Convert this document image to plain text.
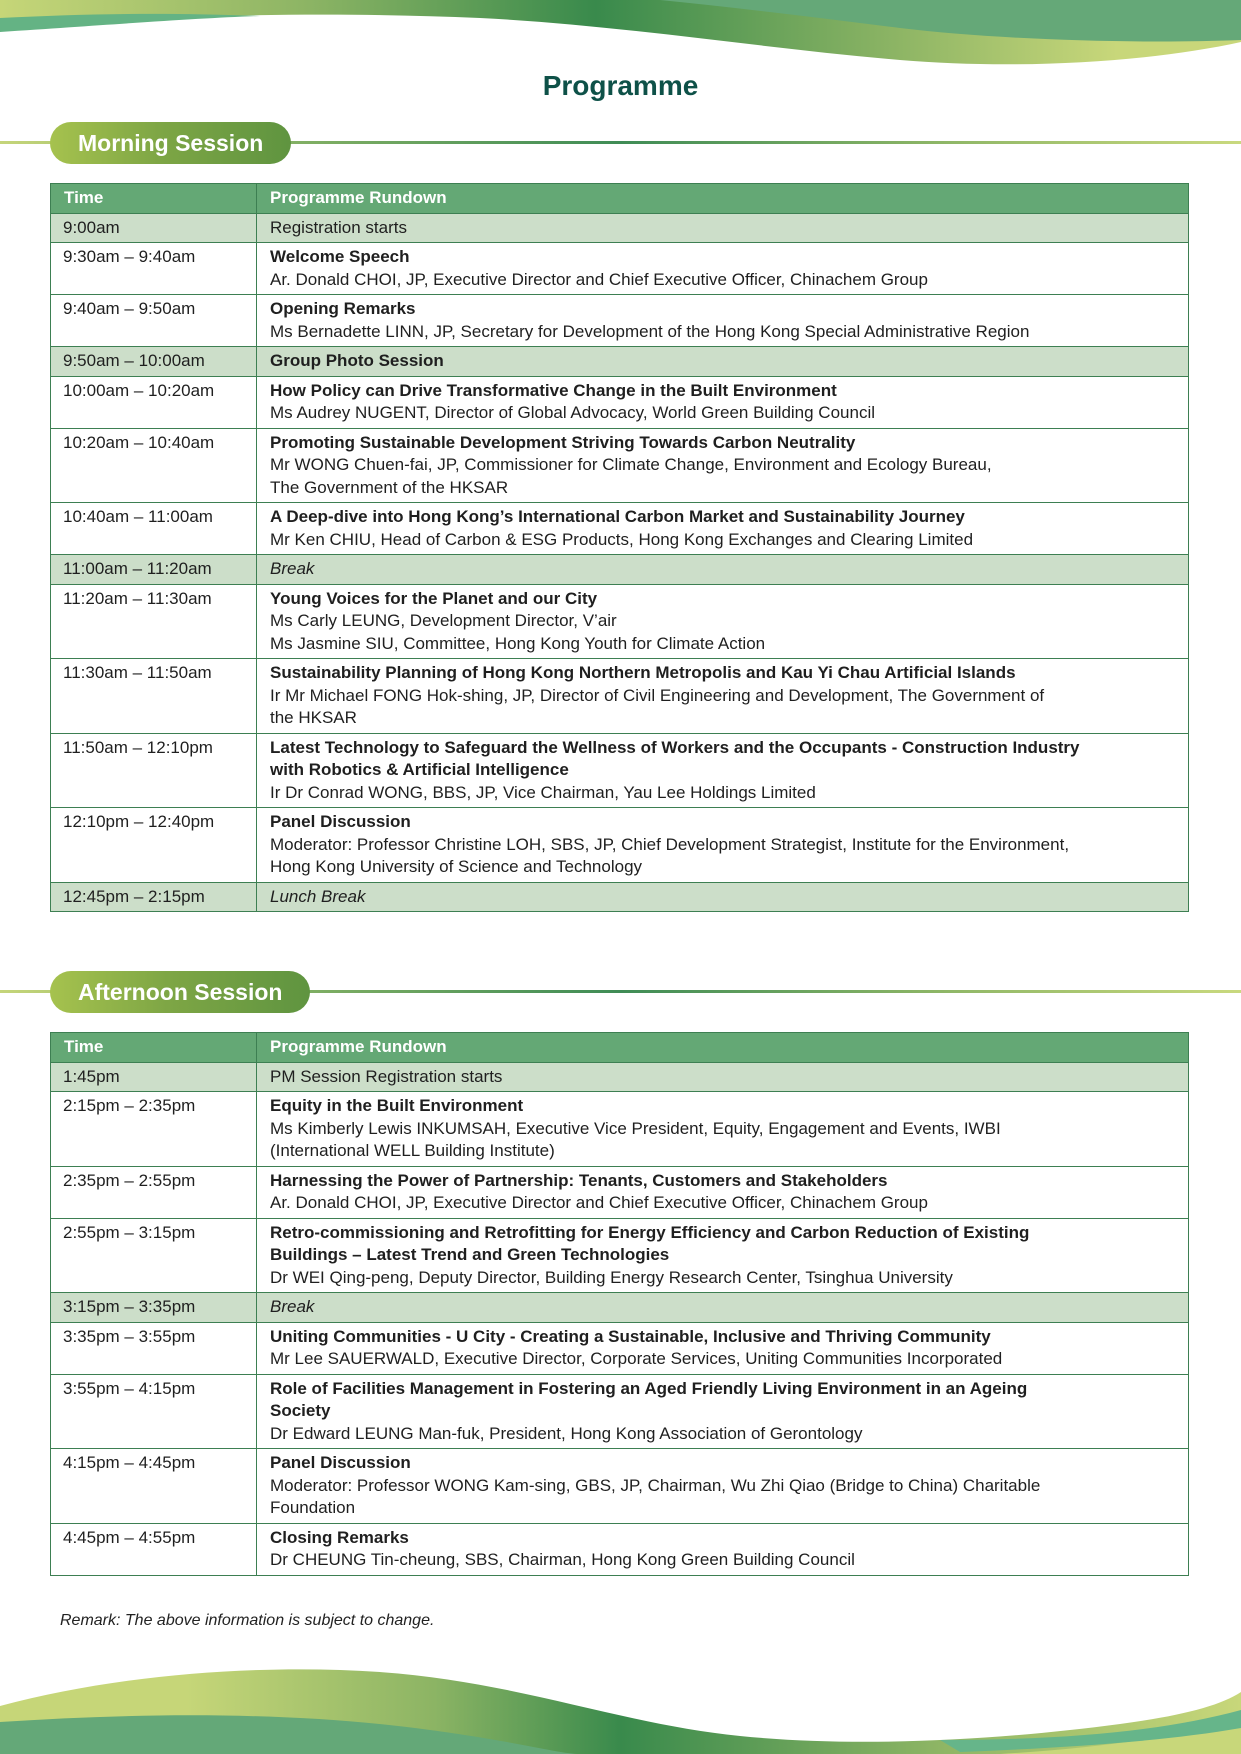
Programme
Morning Session
Time	Programme Rundown
9:00am	Registration starts

9:30am – 9:40am	Welcome Speech
Ar. Donald CHOI, JP, Executive Director and Chief Executive Officer, Chinachem Group

9:40am – 9:50am	Opening Remarks
Ms Bernadette LINN, JP, Secretary for Development of the Hong Kong Special Administrative Region

9:50am – 10:00am	Group Photo Session

10:00am – 10:20am	How Policy can Drive Transformative Change in the Built Environment
Ms Audrey NUGENT, Director of Global Advocacy, World Green Building Council

10:20am – 10:40am	Promoting Sustainable Development Striving Towards Carbon Neutrality
Mr WONG Chuen-fai, JP, Commissioner for Climate Change, Environment and Ecology Bureau,
The Government of the HKSAR

10:40am – 11:00am	A Deep-dive into Hong Kong’s International Carbon Market and Sustainability Journey
Mr Ken CHIU, Head of Carbon & ESG Products, Hong Kong Exchanges and Clearing Limited

11:00am – 11:20am	Break

11:20am – 11:30am	Young Voices for the Planet and our City
Ms Carly LEUNG, Development Director, V’air
Ms Jasmine SIU, Committee, Hong Kong Youth for Climate Action

11:30am – 11:50am	Sustainability Planning of Hong Kong Northern Metropolis and Kau Yi Chau Artificial Islands
Ir Mr Michael FONG Hok-shing, JP, Director of Civil Engineering and Development, The Government of
the HKSAR

11:50am – 12:10pm	Latest Technology to Safeguard the Wellness of Workers and the Occupants - Construction Industry
with Robotics & Artificial Intelligence
Ir Dr Conrad WONG, BBS, JP, Vice Chairman, Yau Lee Holdings Limited

12:10pm – 12:40pm	Panel Discussion
Moderator: Professor Christine LOH, SBS, JP, Chief Development Strategist, Institute for the Environment,
Hong Kong University of Science and Technology

12:45pm – 2:15pm	Lunch Break
Afternoon Session
Time	Programme Rundown
1:45pm	PM Session Registration starts

2:15pm – 2:35pm	Equity in the Built Environment
Ms Kimberly Lewis INKUMSAH, Executive Vice President, Equity, Engagement and Events, IWBI
(International WELL Building Institute)

2:35pm – 2:55pm	Harnessing the Power of Partnership: Tenants, Customers and Stakeholders
Ar. Donald CHOI, JP, Executive Director and Chief Executive Officer, Chinachem Group

2:55pm – 3:15pm	Retro-commissioning and Retrofitting for Energy Efficiency and Carbon Reduction of Existing
Buildings – Latest Trend and Green Technologies
Dr WEI Qing-peng, Deputy Director, Building Energy Research Center, Tsinghua University

3:15pm – 3:35pm	Break

3:35pm – 3:55pm	Uniting Communities - U City - Creating a Sustainable, Inclusive and Thriving Community
Mr Lee SAUERWALD, Executive Director, Corporate Services, Uniting Communities Incorporated

3:55pm – 4:15pm	Role of Facilities Management in Fostering an Aged Friendly Living Environment in an Ageing
Society
Dr Edward LEUNG Man-fuk, President, Hong Kong Association of Gerontology

4:15pm – 4:45pm	Panel Discussion
Moderator: Professor WONG Kam-sing, GBS, JP, Chairman, Wu Zhi Qiao (Bridge to China) Charitable
Foundation

4:45pm – 4:55pm	Closing Remarks
Dr CHEUNG Tin-cheung, SBS, Chairman, Hong Kong Green Building Council
Remark: The above information is subject to change.
